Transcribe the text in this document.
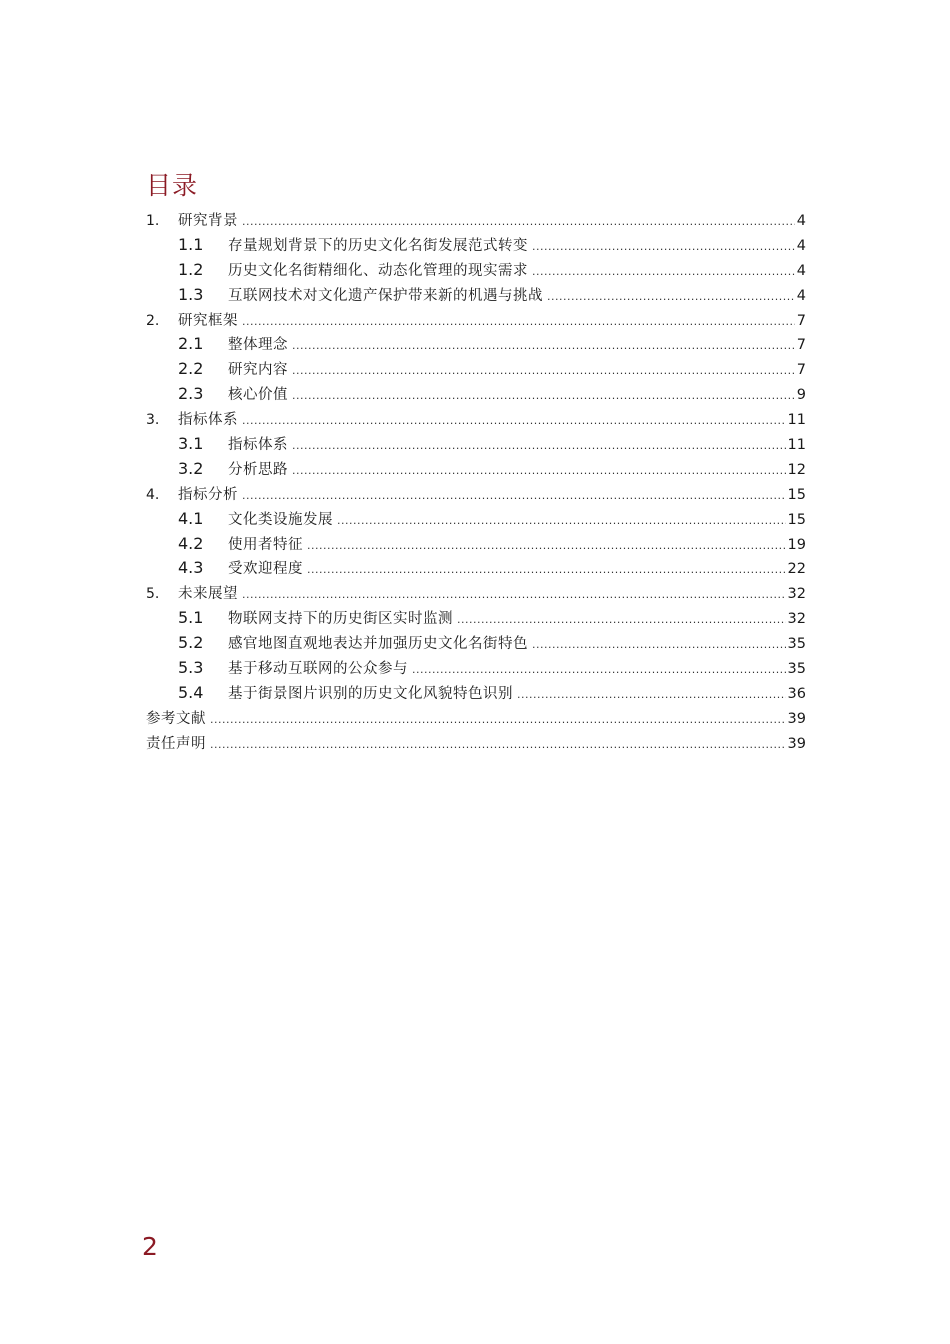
目录
1.	研究背景 .....	4
1.1	存量规划背景下的历史文化名街发展范式转变 .....	4
1.2	历史文化名街精细化、动态化管理的现实需求 .....	4
1.3	互联网技术对文化遗产保护带来新的机遇与挑战 .....	4
2.	研究框架 .....	7
2.1	整体理念 .....	7
2.2	研究内容 .....	7
2.3	核心价值 .....	9
3.	指标体系 .....	11
3.1	指标体系 .....	11
3.2	分析思路 .....	12
4.	指标分析 .....	15
4.1	文化类设施发展 .....	15
4.2	使用者特征 .....	19
4.3	受欢迎程度 .....	22
5.	未来展望 .....	32
5.1	物联网支持下的历史街区实时监测 .....	32
5.2	感官地图直观地表达并加强历史文化名街特色 .....	35
5.3	基于移动互联网的公众参与 .....	35
5.4	基于街景图片识别的历史文化风貌特色识别 .....	36
参考文献 .....	39
责任声明 .....	39
2
